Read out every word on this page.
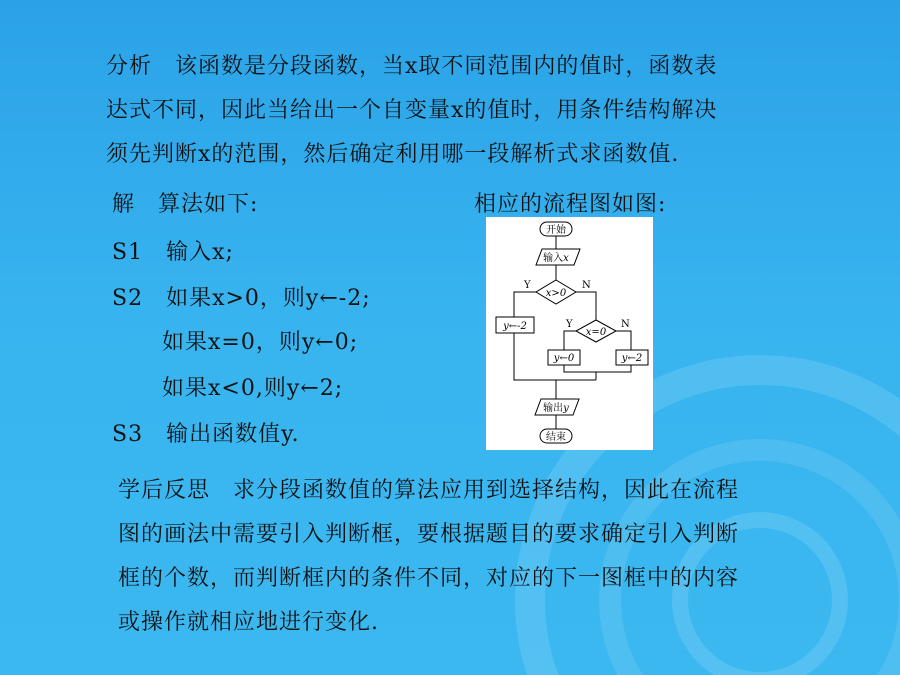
分析　该函数是分段函数，当x取不同范围内的值时，函数表
达式不同，因此当给出一个自变量x的值时，用条件结构解决
须先判断x的范围，然后确定利用哪一段解析式求函数值.
解　算法如下:	相应的流程图如图:
S1　输入x;
S2　如果x>0，则y←-2;
如果x=0，则y←0;
如果x<0,则y←2;
S3　输出函数值y.
开始
输入x
x>0
Y	N
y←-2
x=0
Y	N
y←0	y←2
输出y
结束
学后反思　求分段函数值的算法应用到选择结构，因此在流程
图的画法中需要引入判断框，要根据题目的要求确定引入判断
框的个数，而判断框内的条件不同，对应的下一图框中的内容
或操作就相应地进行变化.
